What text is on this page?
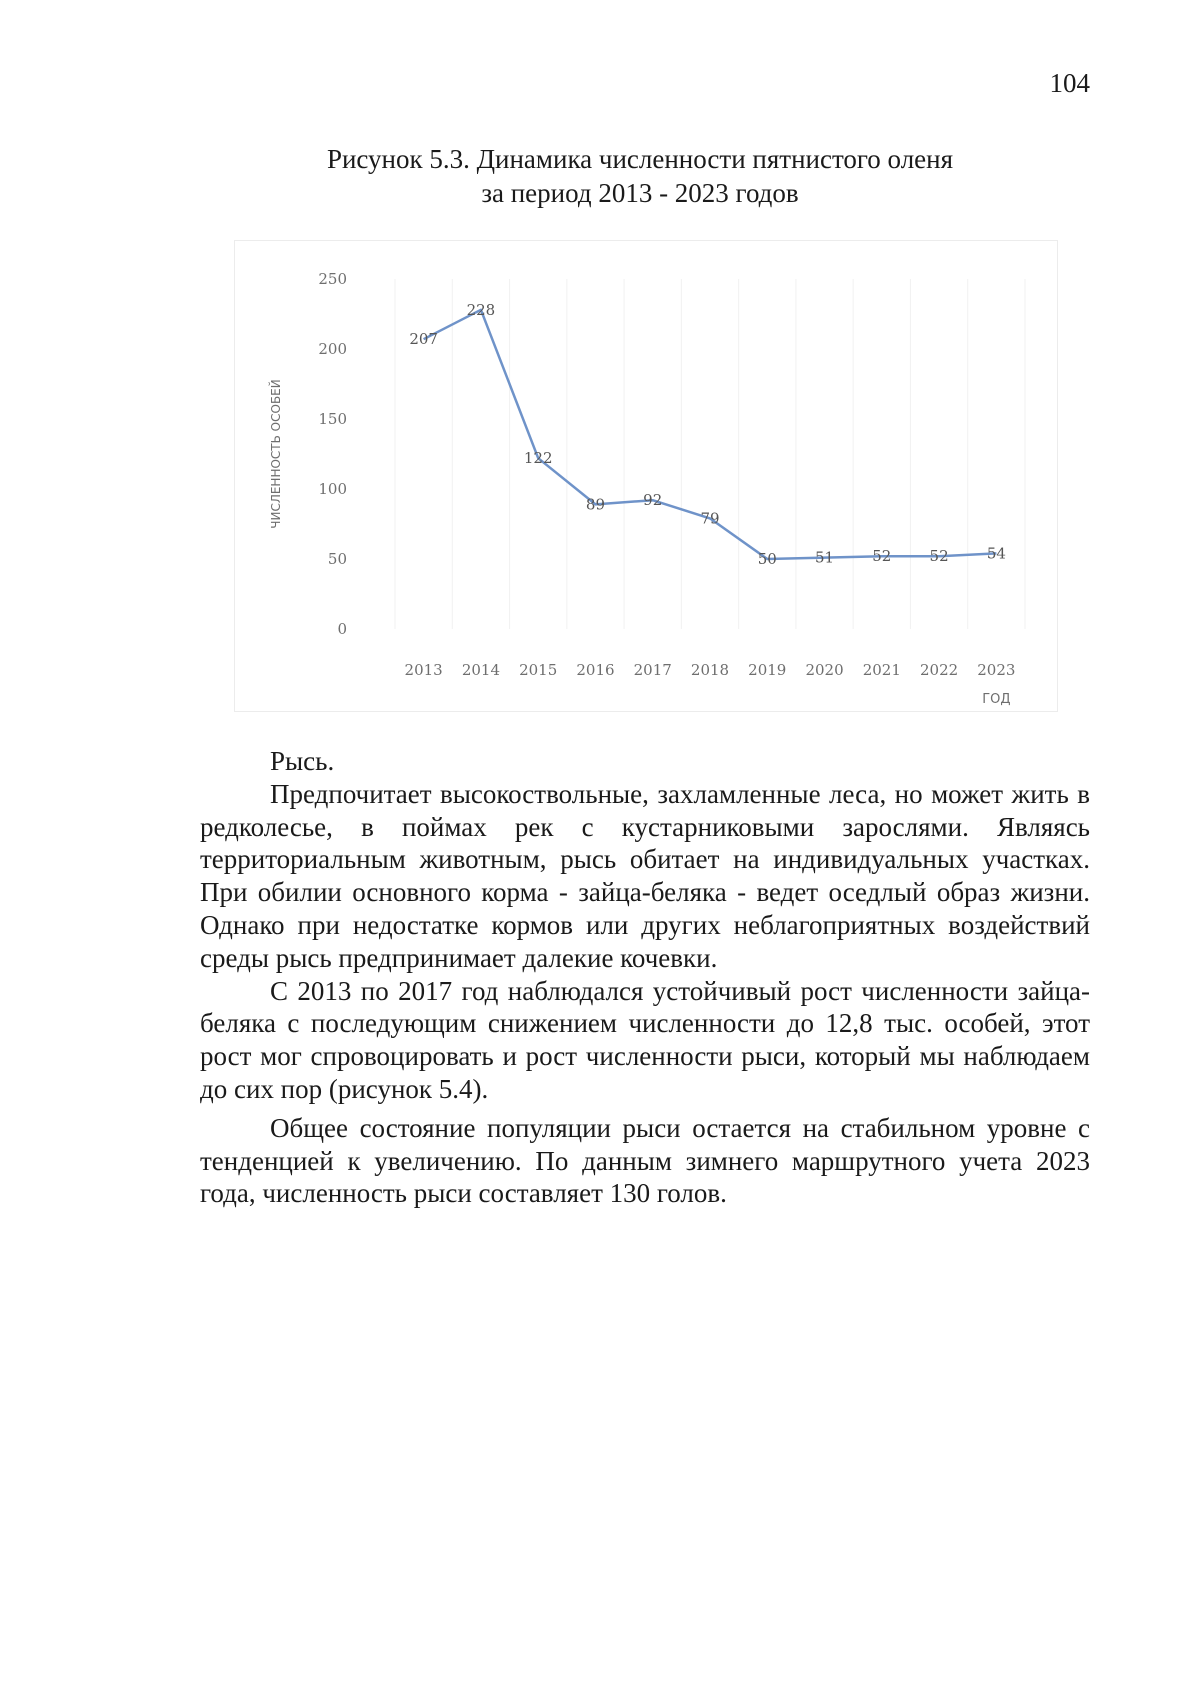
104
Рисунок 5.3. Динамика численности пятнистого оленя
за период 2013 - 2023 годов
0
50
100
150
200
250
2013 2014 2015 2016 2017 2018 2019 2020 2021 2022 2023
ЧИСЛЕННОСТЬ ОСОБЕЙ
ГОД
207
228
122
89	92
79
50	51	52	52	54

Рысь.

Предпочитает высокоствольные, захламленные леса, но может жить в редколесье, в поймах рек с кустарниковыми зарослями. Являясь территориальным животным, рысь обитает на индивидуальных участках. При обилии основного корма - зайца-беляка - ведет оседлый образ жизни. Однако при недостатке кормов или других неблагоприятных воздействий среды рысь предпринимает далекие кочевки.

С 2013 по 2017 год наблюдался устойчивый рост численности зайца-беляка с последующим снижением численности до 12,8 тыс. особей, этот рост мог спровоцировать и рост численности рыси, который мы наблюдаем до сих пор (рисунок 5.4).

Общее состояние популяции рыси остается на стабильном уровне с тенденцией к увеличению. По данным зимнего маршрутного учета 2023 года, численность рыси составляет 130 голов.
